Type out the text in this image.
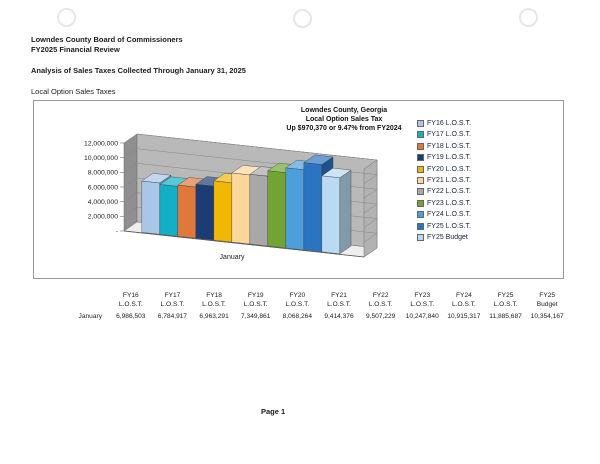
Lowndes County Board of Commissioners
FY2025 Financial Review
Analysis of Sales Taxes Collected Through January 31, 2025
Local Option Sales Taxes
12,000,000
10,000,000
8,000,000
6,000,000
4,000,000
2,000,000
-
January
Lowndes County, Georgia
Local Option Sales Tax
Up $970,370 or 9.47% from FY2024
FY16 L.O.S.T.
FY17 L.O.S.T.
FY18 L.O.S.T.
FY19 L.O.S.T.
FY20 L.O.S.T.
FY21 L.O.S.T.
FY22 L.O.S.T.
FY23 L.O.S.T.
FY24 L.O.S.T.
FY25 L.O.S.T.
FY25 Budget
FY16
L.O.S.T.
FY17
L.O.S.T.
FY18
L.O.S.T.
FY19
L.O.S.T.
FY20
L.O.S.T.
FY21
L.O.S.T.
FY22
L.O.S.T.
FY23
L.O.S.T.
FY24
L.O.S.T.
FY25
L.O.S.T.
FY25
Budget
January	6,986,503	6,784,917	6,963,291	7,349,861	8,068,264	9,414,376	9,507,229	10,247,840	10,915,317	11,885,687	10,354,167
Page 1
